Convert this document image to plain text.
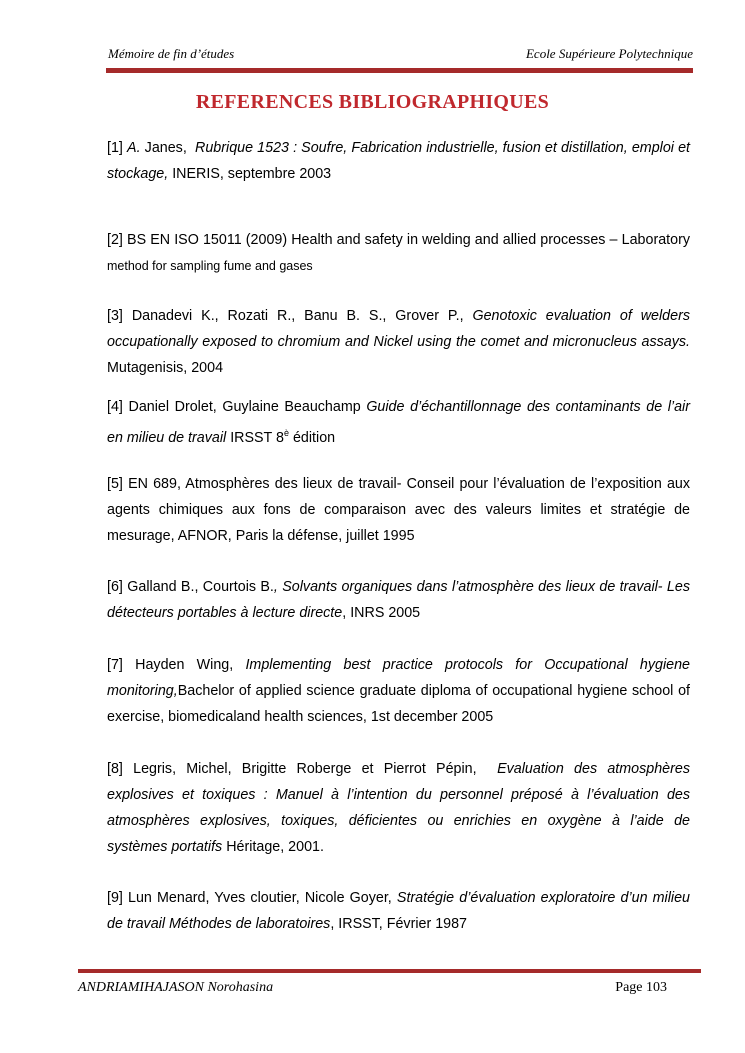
Mémoire de fin d’études	Ecole Supérieure Polytechnique
REFERENCES BIBLIOGRAPHIQUES
[1] A. Janes, Rubrique 1523 : Soufre, Fabrication industrielle, fusion et distillation, emploi et stockage, INERIS, septembre 2003
[2] BS EN ISO 15011 (2009) Health and safety in welding and allied processes – Laboratory method for sampling fume and gases
[3] Danadevi K., Rozati R., Banu B. S., Grover P., Genotoxic evaluation of welders occupationally exposed to chromium and Nickel using the comet and micronucleus assays. Mutagenisis, 2004
[4] Daniel Drolet, Guylaine Beauchamp Guide d’échantillonnage des contaminants de l’air en milieu de travail IRSST $8^è$ édition
[5] EN 689, Atmosphères des lieux de travail- Conseil pour l’évaluation de l’exposition aux agents chimiques aux fons de comparaison avec des valeurs limites et stratégie de mesurage, AFNOR, Paris la défense, juillet 1995
[6] Galland B., Courtois B., Solvants organiques dans l’atmosphère des lieux de travail- Les détecteurs portables à lecture directe, INRS 2005
[7] Hayden Wing, Implementing best practice protocols for Occupational hygiene monitoring,Bachelor of applied science graduate diploma of occupational hygiene school of exercise, biomedicaland health sciences, 1st december 2005
[8] Legris, Michel, Brigitte Roberge et Pierrot Pépin, Evaluation des atmosphères explosives et toxiques : Manuel à l’intention du personnel préposé à l’évaluation des atmosphères explosives, toxiques, déficientes ou enrichies en oxygène à l’aide de systèmes portatifs Héritage, 2001.
[9] Lun Menard, Yves cloutier, Nicole Goyer, Stratégie d’évaluation exploratoire d’un milieu de travail Méthodes de laboratoires, IRSST, Février 1987
ANDRIAMIHAJASON Norohasina	Page 103
